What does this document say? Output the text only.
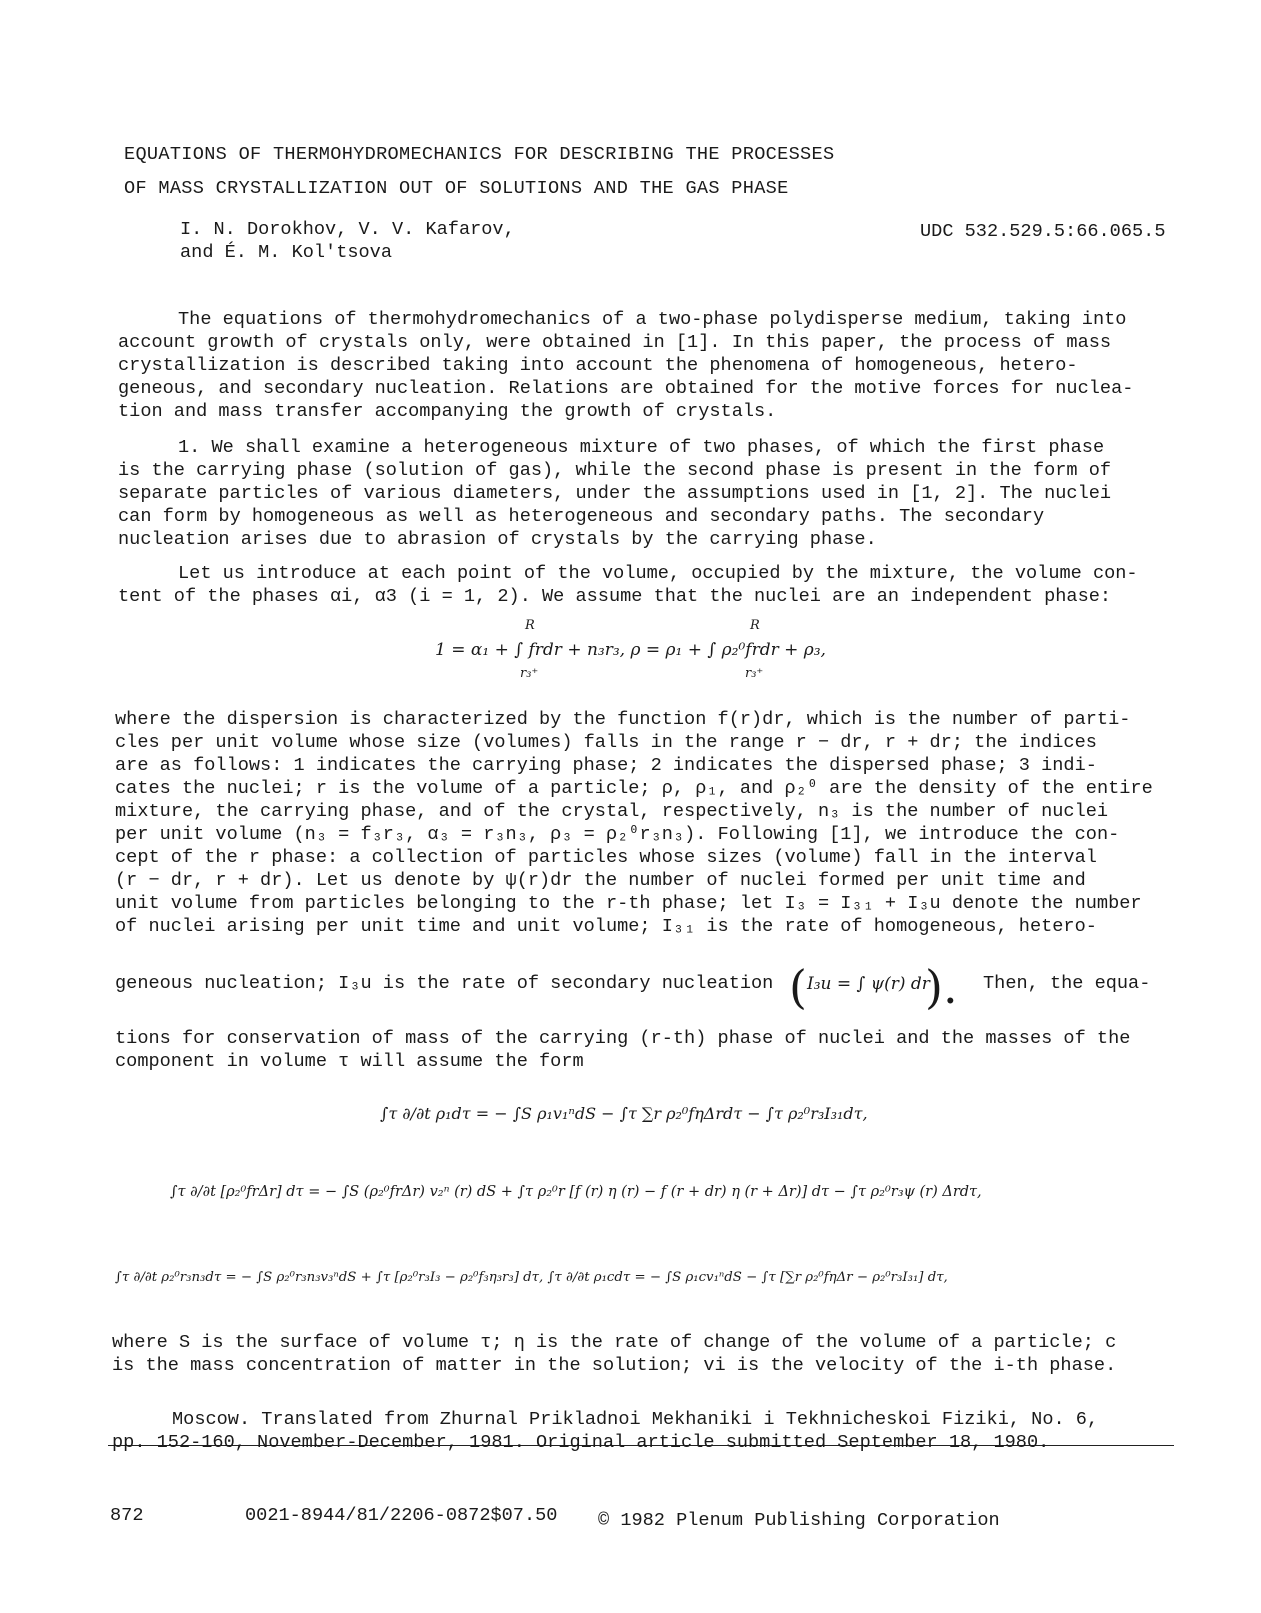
EQUATIONS OF THERMOHYDROMECHANICS FOR DESCRIBING THE PROCESSES
OF MASS CRYSTALLIZATION OUT OF SOLUTIONS AND THE GAS PHASE
I. N. Dorokhov, V. V. Kafarov,
and É. M. Kol'tsova
UDC 532.529.5:66.065.5

The equations of thermohydromechanics of a two-phase polydisperse medium, taking into

account growth of crystals only, were obtained in [1]. In this paper, the process of mass

crystallization is described taking into account the phenomena of homogeneous, hetero-

geneous, and secondary nucleation. Relations are obtained for the motive forces for nuclea-

tion and mass transfer accompanying the growth of crystals.

1. We shall examine a heterogeneous mixture of two phases, of which the first phase

is the carrying phase (solution of gas), while the second phase is present in the form of

separate particles of various diameters, under the assumptions used in [1, 2]. The nuclei

can form by homogeneous as well as heterogeneous and secondary paths. The secondary

nucleation arises due to abrasion of crystals by the carrying phase.

Let us introduce at each point of the volume, occupied by the mixture, the volume con-

tent of the phases αi, α3 (i = 1, 2). We assume that the nuclei are an independent phase:

R	R
1 = α₁ + ∫ frdr + n₃r₃, ρ = ρ₁ + ∫ ρ₂⁰frdr + ρ₃,
r₃⁺	r₃⁺

where the dispersion is characterized by the function f(r)dr, which is the number of parti-

cles per unit volume whose size (volumes) falls in the range r − dr, r + dr; the indices

are as follows: 1 indicates the carrying phase; 2 indicates the dispersed phase; 3 indi-

cates the nuclei; r is the volume of a particle; ρ, ρ₁, and ρ₂⁰ are the density of the entire

mixture, the carrying phase, and of the crystal, respectively, n₃ is the number of nuclei

per unit volume (n₃ = f₃r₃, α₃ = r₃n₃, ρ₃ = ρ₂⁰r₃n₃). Following [1], we introduce the con-

cept of the r phase: a collection of particles whose sizes (volume) fall in the interval

(r − dr, r + dr). Let us denote by ψ(r)dr the number of nuclei formed per unit time and

unit volume from particles belonging to the r-th phase; let I₃ = I₃₁ + I₃u denote the number

of nuclei arising per unit time and unit volume; I₃₁ is the rate of homogeneous, hetero-

geneous nucleation; I₃u is the rate of secondary nucleation ( I₃u = ∫ ψ(r) dr
). Then, the equa-

tions for conservation of mass of the carrying (r-th) phase of nuclei and the masses of the

component in volume τ will assume the form

∫τ ∂/∂t ρ₁dτ = − ∫S ρ₁v₁ⁿdS − ∫τ ∑r ρ₂⁰fηΔrdτ − ∫τ ρ₂⁰r₃I₃₁dτ,
∫τ ∂/∂t [ρ₂⁰frΔr] dτ = − ∫S (ρ₂⁰frΔr) v₂ⁿ (r) dS + ∫τ ρ₂⁰r [f (r) η (r) − f (r + dr) η (r + Δr)] dτ − ∫τ ρ₂⁰r₃ψ (r) Δrdτ,
∫τ ∂/∂t ρ₂⁰r₃n₃dτ = − ∫S ρ₂⁰r₃n₃v₃ⁿdS + ∫τ [ρ₂⁰r₃I₃ − ρ₂⁰f₃η₃r₃] dτ, ∫τ ∂/∂t ρ₁cdτ = − ∫S ρ₁cv₁ⁿdS − ∫τ [∑r ρ₂⁰fηΔr − ρ₂⁰r₃I₃₁] dτ,

where S is the surface of volume τ; η is the rate of change of the volume of a particle; c

is the mass concentration of matter in the solution; vi is the velocity of the i-th phase.

Moscow. Translated from Zhurnal Prikladnoi Mekhaniki i Tekhnicheskoi Fiziki, No. 6,

pp. 152-160, November-December, 1981. Original article submitted September 18, 1980.

872	0021-8944/81/2206-0872$07.50 © 1982 Plenum Publishing Corporation
